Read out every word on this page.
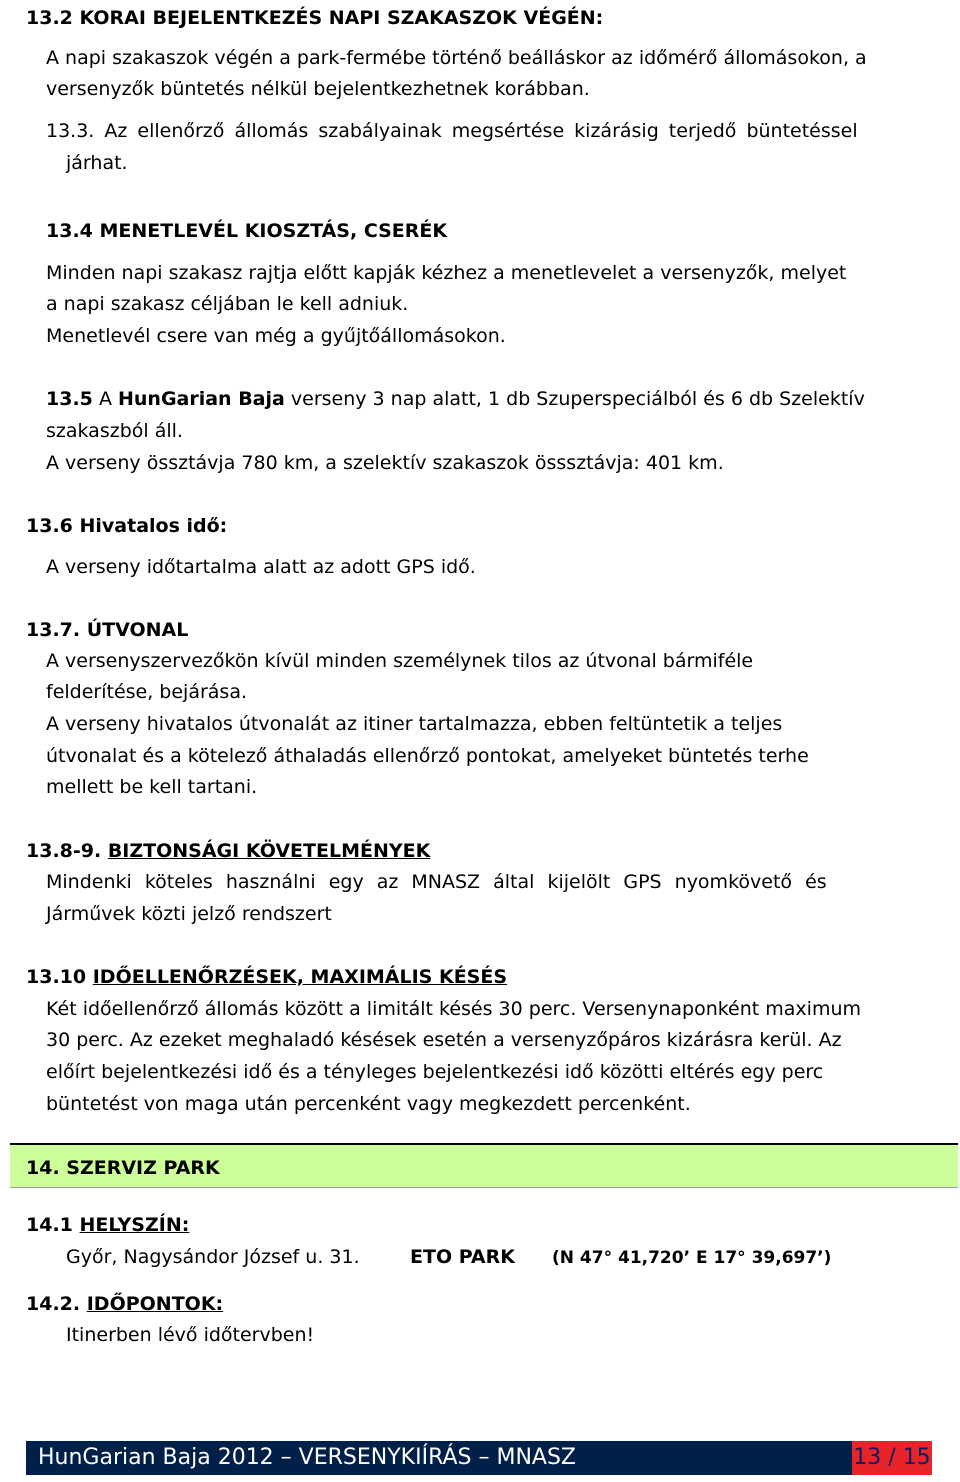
13.2 KORAI BEJELENTKEZÉS NAPI SZAKASZOK VÉGÉN:
A napi szakaszok végén a park-fermébe történő beálláskor az időmérő állomásokon, a
versenyzők büntetés nélkül bejelentkezhetnek korábban.
13.3. Az ellenőrző állomás szabályainak megsértése kizárásig terjedő büntetéssel
járhat.
13.4 MENETLEVÉL KIOSZTÁS, CSERÉK
Minden napi szakasz rajtja előtt kapják kézhez a menetlevelet a versenyzők, melyet
a napi szakasz céljában le kell adniuk.
Menetlevél csere van még a gyűjtőállomásokon.
13.5 A HunGarian Baja verseny 3 nap alatt, 1 db Szuperspeciálból és 6 db Szelektív
szakaszból áll.
A verseny össztávja 780 km, a szelektív szakaszok össsztávja: 401 km.
13.6 Hivatalos idő:
A verseny időtartalma alatt az adott GPS idő.
13.7. ÚTVONAL
A versenyszervezőkön kívül minden személynek tilos az útvonal bármiféle
felderítése, bejárása.
A verseny hivatalos útvonalát az itiner tartalmazza, ebben feltüntetik a teljes
útvonalat és a kötelező áthaladás ellenőrző pontokat, amelyeket büntetés terhe
mellett be kell tartani.
13.8-9. BIZTONSÁGI KÖVETELMÉNYEK
Mindenki köteles használni egy az MNASZ által kijelölt GPS nyomkövető és
Járművek közti jelző rendszert
13.10 IDŐELLENŐRZÉSEK, MAXIMÁLIS KÉSÉS
Két időellenőrző állomás között a limitált késés 30 perc. Versenynaponként maximum
30 perc. Az ezeket meghaladó késések esetén a versenyzőpáros kizárásra kerül. Az
előírt bejelentkezési idő és a tényleges bejelentkezési idő közötti eltérés egy perc
büntetést von maga után percenként vagy megkezdett percenként.
14. SZERVIZ PARK
14.1 HELYSZÍN:
Győr, Nagysándor József u. 31.	ETO PARK (N 47° 41,720’ E 17° 39,697’)
14.2. IDŐPONTOK:
Itinerben lévő időtervben!
HunGarian Baja 2012 – VERSENYKIÍRÁS – MNASZ	13 / 15
